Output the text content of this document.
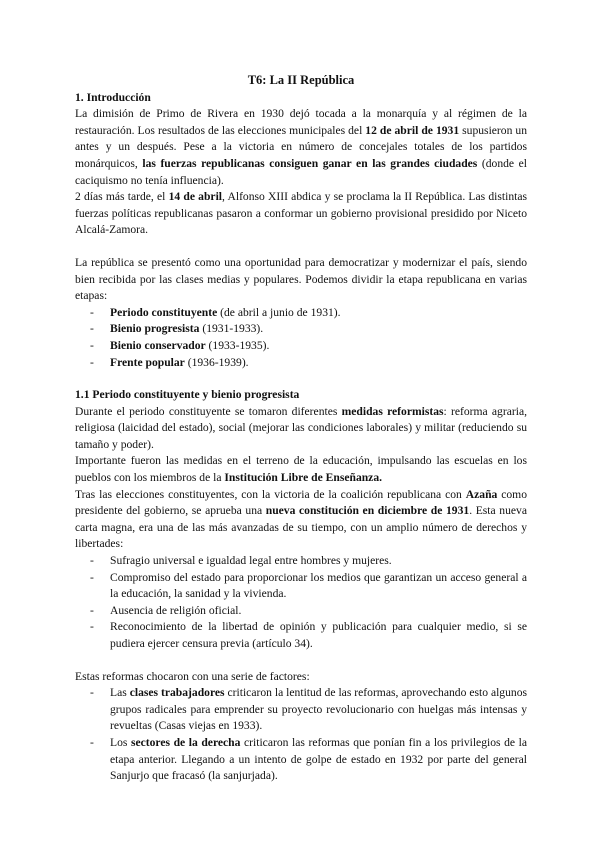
T6: La II República
1. Introducción

La dimisión de Primo de Rivera en 1930 dejó tocada a la monarquía y al régimen de la restauración. Los resultados de las elecciones municipales del 12 de abril de 1931 supusieron un antes y un después. Pese a la victoria en número de concejales totales de los partidos monárquicos, las fuerzas republicanas consiguen ganar en las grandes ciudades (donde el caciquismo no tenía influencia).

2 días más tarde, el 14 de abril, Alfonso XIII abdica y se proclama la II República. Las distintas fuerzas políticas republicanas pasaron a conformar un gobierno provisional presidido por Niceto Alcalá-Zamora.

La república se presentó como una oportunidad para democratizar y modernizar el país, siendo bien recibida por las clases medias y populares. Podemos dividir la etapa republicana en varias etapas:

- Periodo constituyente (de abril a junio de 1931).
- Bienio progresista (1931-1933).
- Bienio conservador (1933-1935).
- Frente popular (1936-1939).
1.1 Periodo constituyente y bienio progresista

Durante el periodo constituyente se tomaron diferentes medidas reformistas: reforma agraria, religiosa (laicidad del estado), social (mejorar las condiciones laborales) y militar (reduciendo su tamaño y poder).

Importante fueron las medidas en el terreno de la educación, impulsando las escuelas en los pueblos con los miembros de la Institución Libre de Enseñanza.

Tras las elecciones constituyentes, con la victoria de la coalición republicana con Azaña como presidente del gobierno, se aprueba una nueva constitución en diciembre de 1931. Esta nueva carta magna, era una de las más avanzadas de su tiempo, con un amplio número de derechos y libertades:

- Sufragio universal e igualdad legal entre hombres y mujeres.
- Compromiso del estado para proporcionar los medios que garantizan un acceso general a la educación, la sanidad y la vivienda.
- Ausencia de religión oficial.
- Reconocimiento de la libertad de opinión y publicación para cualquier medio, si se pudiera ejercer censura previa (artículo 34).

Estas reformas chocaron con una serie de factores:

- Las clases trabajadores criticaron la lentitud de las reformas, aprovechando esto algunos grupos radicales para emprender su proyecto revolucionario con huelgas más intensas y revueltas (Casas viejas en 1933).
- Los sectores de la derecha criticaron las reformas que ponían fin a los privilegios de la etapa anterior. Llegando a un intento de golpe de estado en 1932 por parte del general Sanjurjo que fracasó (la sanjurjada).
